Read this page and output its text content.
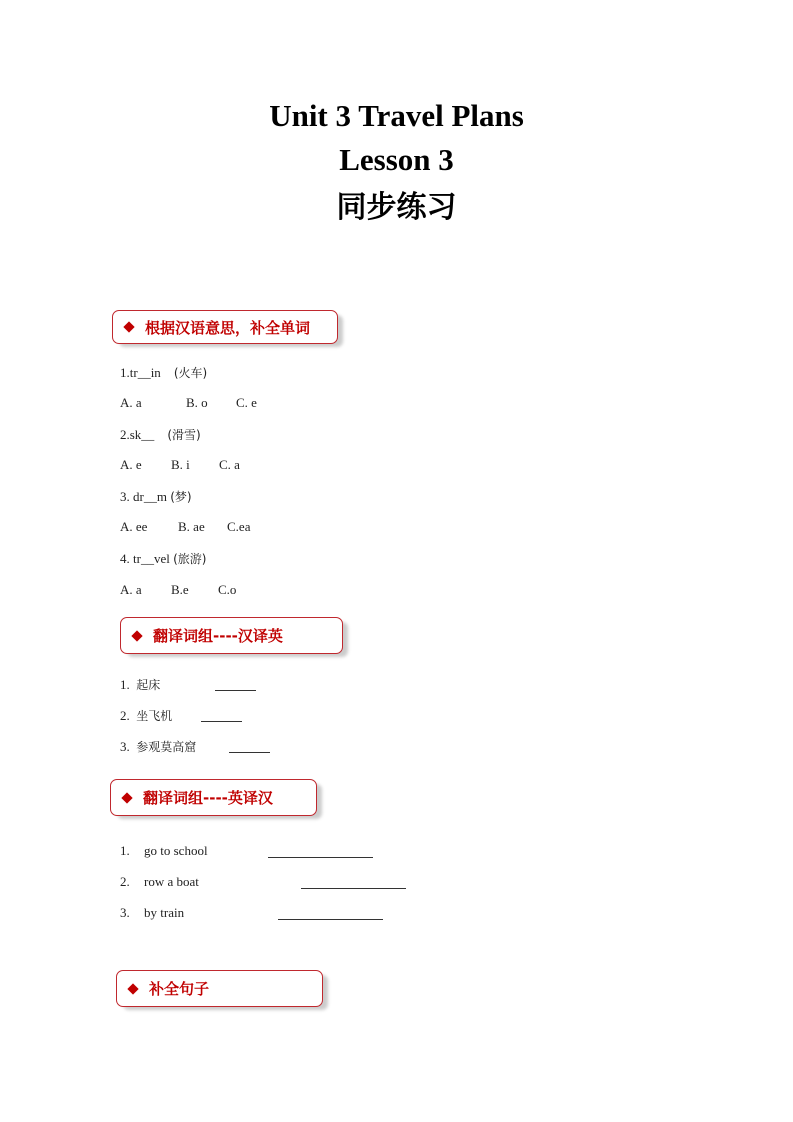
Unit 3 Travel Plans
Lesson 3
同步练习
根据汉语意思，补全单词
1.tr__in (火车)
A. a	B. o C. e
2.sk__ (滑雪)
A. e B. i C. a
3. dr__m (梦)
A. ee B. ae C.ea
4. tr__vel (旅游)
A. a B.e C.o
翻译词组----汉译英
1. 起床
2. 坐飞机
3. 参观莫高窟
翻译词组----英译汉
1. go to school
2. row a boat
3. by train
补全句子
